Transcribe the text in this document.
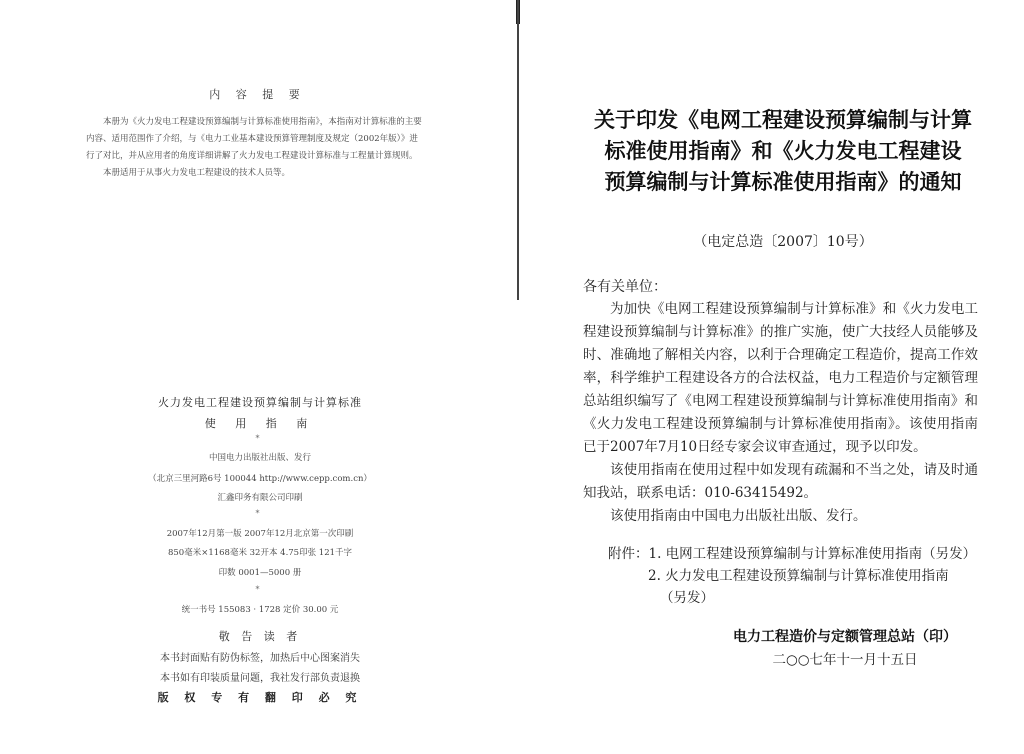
内 容 提 要

本册为《火力发电工程建设预算编制与计算标准使用指南》，本指南对计算标准的主要内容、适用范围作了介绍，与《电力工业基本建设预算管理制度及规定（2002年版）》进行了对比，并从应用者的角度详细讲解了火力发电工程建设计算标准与工程量计算规则。

本册适用于从事火力发电工程建设的技术人员等。

火力发电工程建设预算编制与计算标准
使 用 指 南
*
中国电力出版社出版、发行
（北京三里河路6号 100044 http://www.cepp.com.cn）
汇鑫印务有限公司印刷
*
2007年12月第一版 2007年12月北京第一次印刷
850毫米×1168毫米 32开本 4.75印张 121千字
印数 0001—5000 册
*
统一书号 155083 · 1728 定价 30.00 元
敬 告 读 者
本书封面贴有防伪标签，加热后中心图案消失
本书如有印装质量问题，我社发行部负责退换
版 权 专 有 翻 印 必 究
关于印发《电网工程建设预算编制与计算
标准使用指南》和《火力发电工程建设
预算编制与计算标准使用指南》的通知
（电定总造〔2007〕10号）
各有关单位：

为加快《电网工程建设预算编制与计算标准》和《火力发电工程建设预算编制与计算标准》的推广实施，使广大技经人员能够及时、准确地了解相关内容，以利于合理确定工程造价，提高工作效率，科学维护工程建设各方的合法权益，电力工程造价与定额管理总站组织编写了《电网工程建设预算编制与计算标准使用指南》和《火力发电工程建设预算编制与计算标准使用指南》。该使用指南已于2007年7月10日经专家会议审查通过，现予以印发。

该使用指南在使用过程中如发现有疏漏和不当之处，请及时通知我站，联系电话：010-63415492。

该使用指南由中国电力出版社出版、发行。

附件：1. 电网工程建设预算编制与计算标准使用指南（另发）
2. 火力发电工程建设预算编制与计算标准使用指南
（另发）
电力工程造价与定额管理总站（印）
二○○七年十一月十五日
